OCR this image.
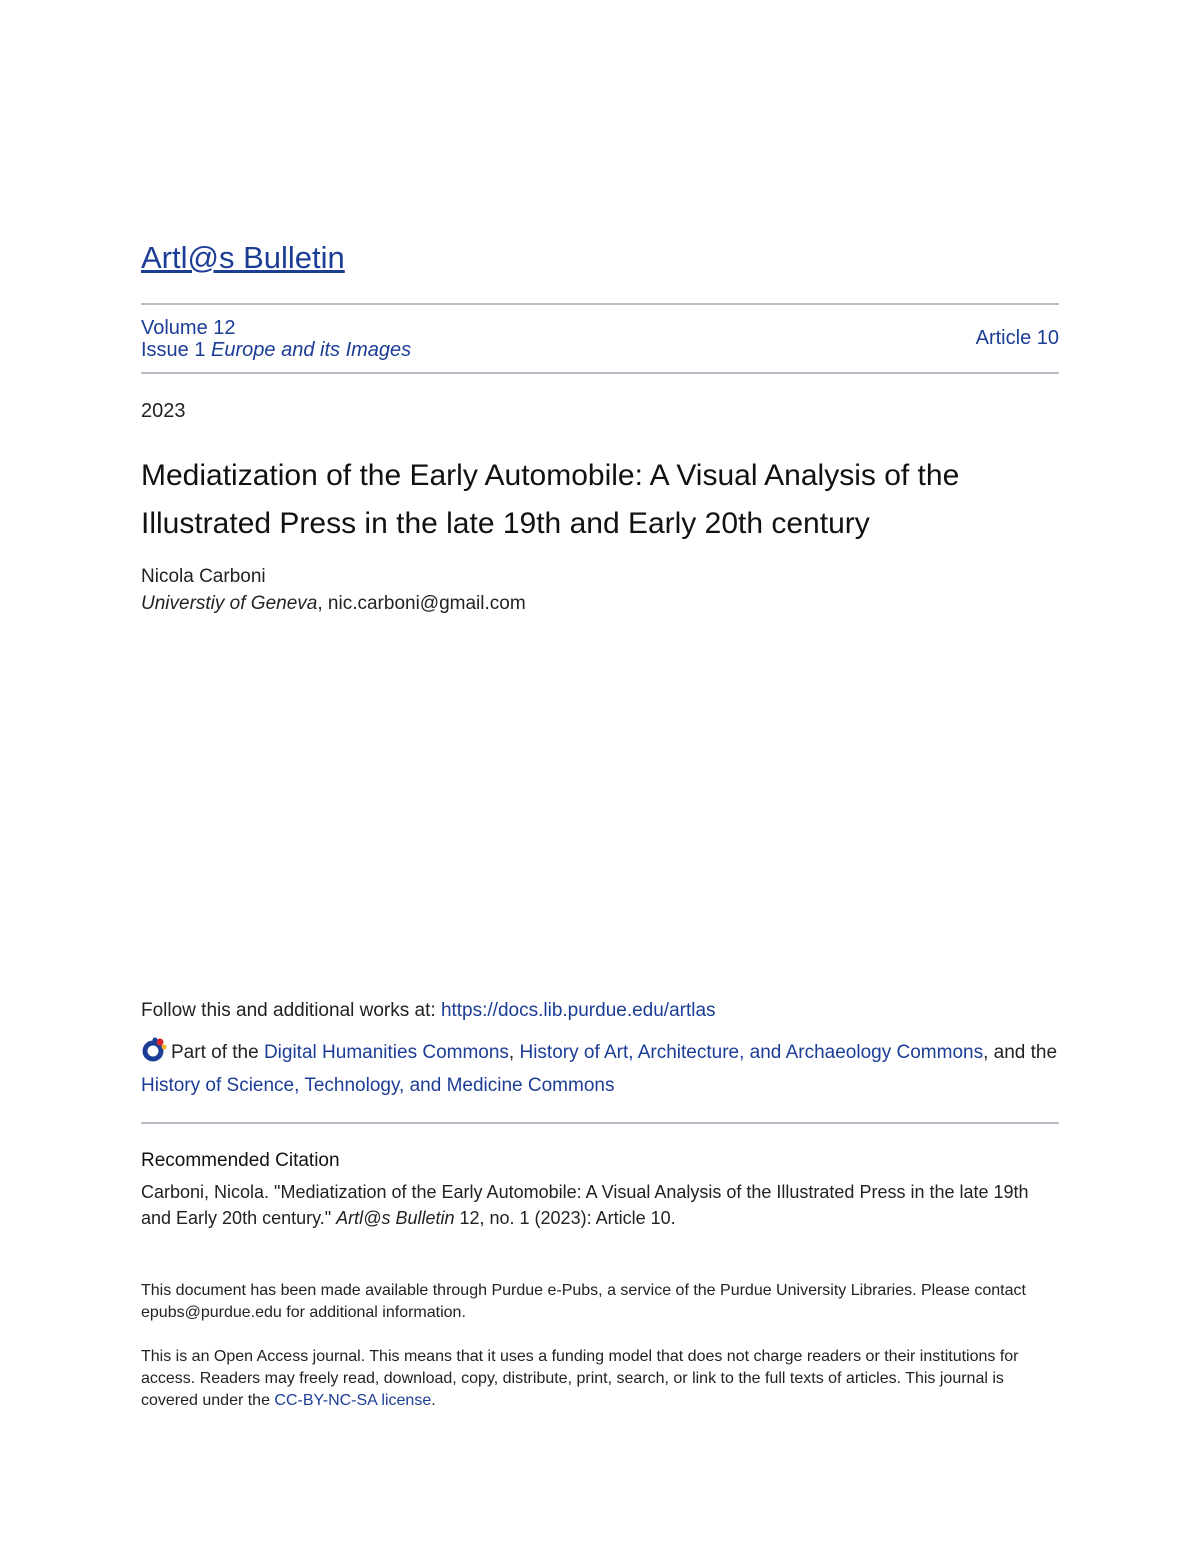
Artl@s Bulletin
Volume 12
Issue 1 Europe and its Images
Article 10
2023
Mediatization of the Early Automobile: A Visual Analysis of the Illustrated Press in the late 19th and Early 20th century
Nicola Carboni
Universtiy of Geneva, nic.carboni@gmail.com
Follow this and additional works at: https://docs.lib.purdue.edu/artlas
Part of the Digital Humanities Commons, History of Art, Architecture, and Archaeology Commons, and the History of Science, Technology, and Medicine Commons
Recommended Citation
Carboni, Nicola. "Mediatization of the Early Automobile: A Visual Analysis of the Illustrated Press in the late 19th and Early 20th century." Artl@s Bulletin 12, no. 1 (2023): Article 10.
This document has been made available through Purdue e-Pubs, a service of the Purdue University Libraries. Please contact epubs@purdue.edu for additional information.
This is an Open Access journal. This means that it uses a funding model that does not charge readers or their institutions for access. Readers may freely read, download, copy, distribute, print, search, or link to the full texts of articles. This journal is covered under the CC-BY-NC-SA license.
